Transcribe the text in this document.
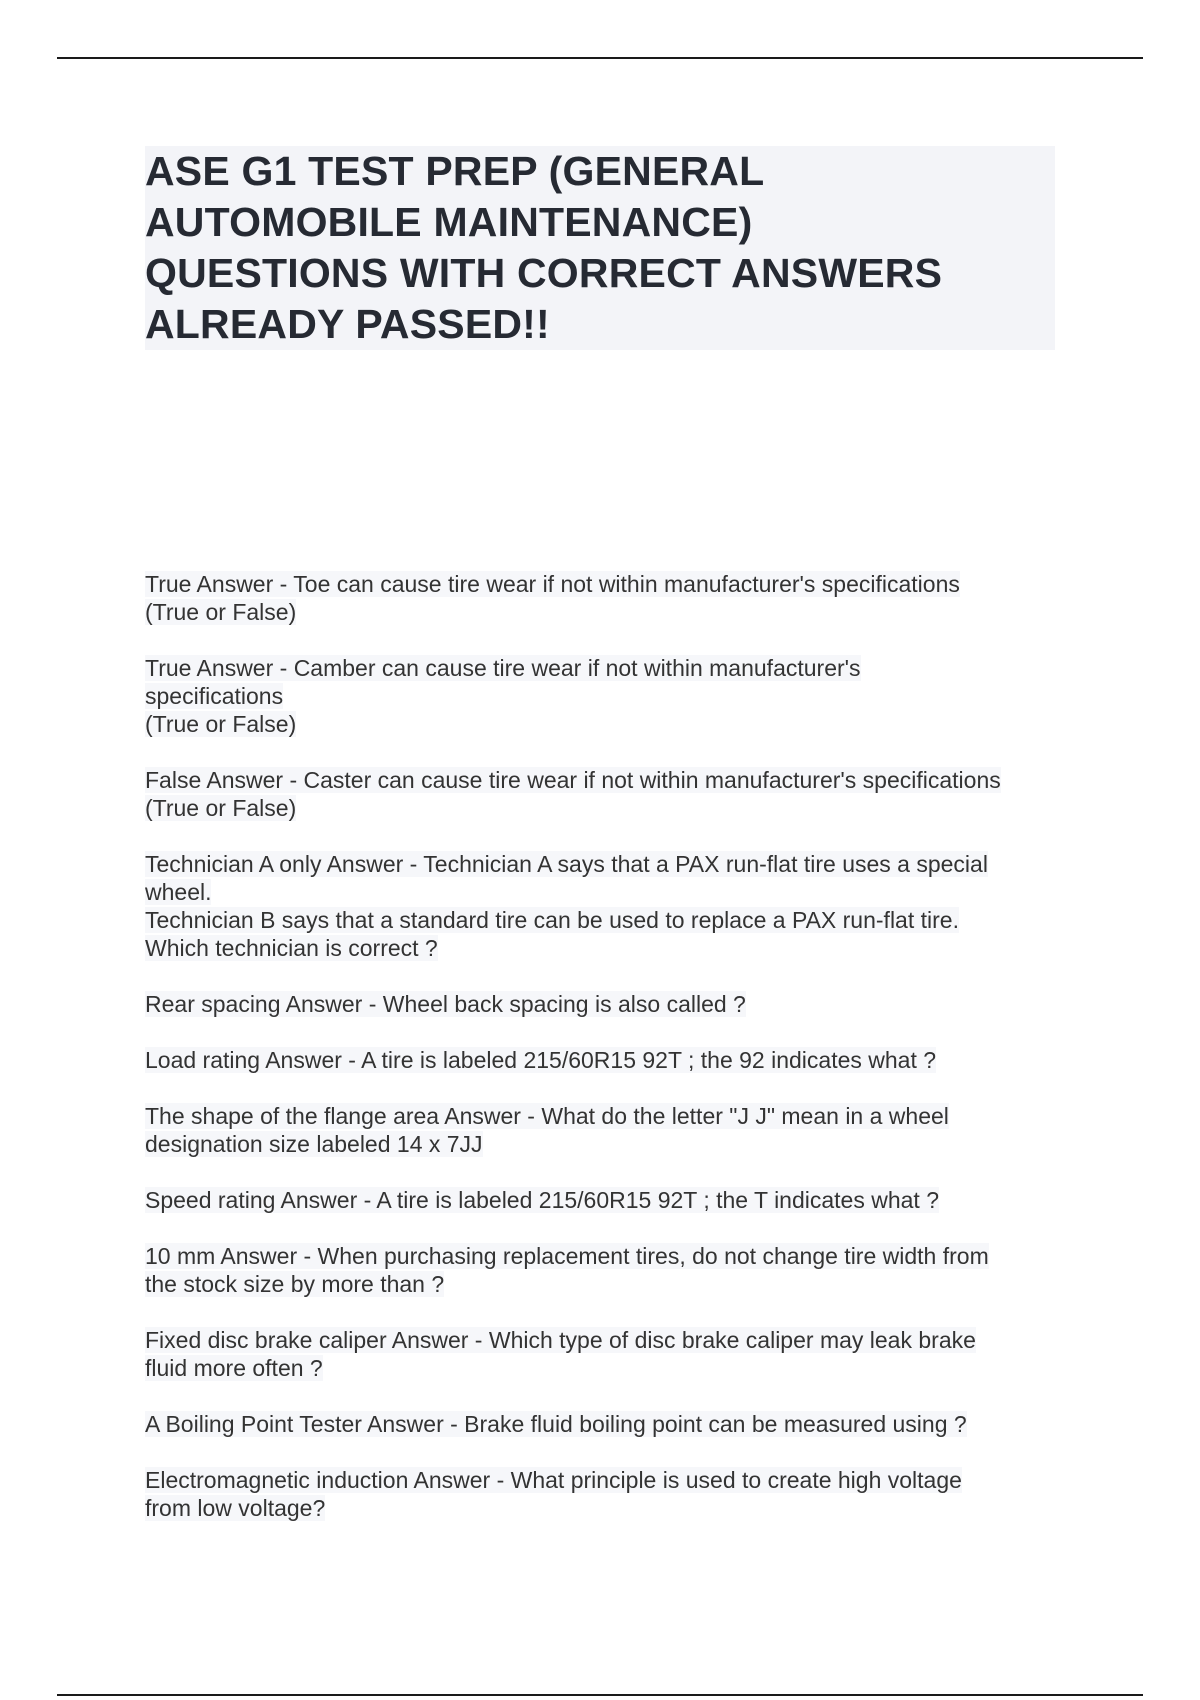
ASE G1 TEST PREP (GENERAL
AUTOMOBILE MAINTENANCE)
QUESTIONS WITH CORRECT ANSWERS
ALREADY PASSED!!
True Answer - Toe can cause tire wear if not within manufacturer's specifications
(True or False)
True Answer - Camber can cause tire wear if not within manufacturer's
specifications
(True or False)
False Answer - Caster can cause tire wear if not within manufacturer's specifications
(True or False)
Technician A only Answer - Technician A says that a PAX run-flat tire uses a special
wheel.
Technician B says that a standard tire can be used to replace a PAX run-flat tire.
Which technician is correct ?
Rear spacing Answer - Wheel back spacing is also called ?
Load rating Answer - A tire is labeled 215/60R15 92T ; the 92 indicates what ?
The shape of the flange area Answer - What do the letter "J J" mean in a wheel
designation size labeled 14 x 7JJ
Speed rating Answer - A tire is labeled 215/60R15 92T ; the T indicates what ?
10 mm Answer - When purchasing replacement tires, do not change tire width from
the stock size by more than ?
Fixed disc brake caliper Answer - Which type of disc brake caliper may leak brake
fluid more often ?
A Boiling Point Tester Answer - Brake fluid boiling point can be measured using ?
Electromagnetic induction Answer - What principle is used to create high voltage
from low voltage?
